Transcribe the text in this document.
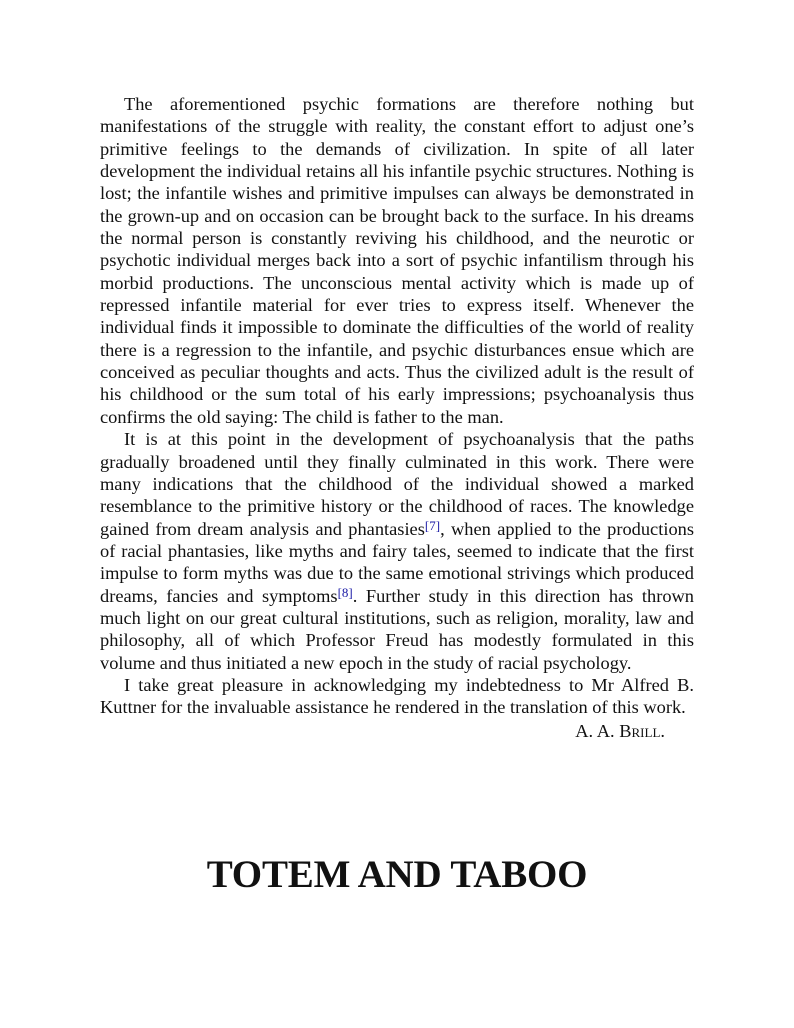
The aforementioned psychic formations are therefore nothing but manifestations of the struggle with reality, the constant effort to adjust one’s primitive feelings to the demands of civilization. In spite of all later development the individual retains all his infantile psychic structures. Nothing is lost; the infantile wishes and primitive impulses can always be demonstrated in the grown-up and on occasion can be brought back to the surface. In his dreams the normal person is constantly reviving his childhood, and the neurotic or psychotic individual merges back into a sort of psychic infantilism through his morbid productions. The unconscious mental activity which is made up of repressed infantile material for ever tries to express itself. Whenever the individual finds it impossible to dominate the difficulties of the world of reality there is a regression to the infantile, and psychic disturbances ensue which are conceived as peculiar thoughts and acts. Thus the civilized adult is the result of his childhood or the sum total of his early impressions; psychoanalysis thus confirms the old saying: The child is father to the man.

It is at this point in the development of psychoanalysis that the paths gradually broadened until they finally culminated in this work. There were many indications that the childhood of the individual showed a marked resemblance to the primitive history or the childhood of races. The knowledge gained from dream analysis and phantasies[7], when applied to the productions of racial phantasies, like myths and fairy tales, seemed to indicate that the first impulse to form myths was due to the same emotional strivings which produced dreams, fancies and symptoms[8]. Further study in this direction has thrown much light on our great cultural institutions, such as religion, morality, law and philosophy, all of which Professor Freud has modestly formulated in this volume and thus initiated a new epoch in the study of racial psychology.

I take great pleasure in acknowledging my indebtedness to Mr Alfred B. Kuttner for the invaluable assistance he rendered in the translation of this work.

A. A. Brill.
TOTEM AND TABOO
